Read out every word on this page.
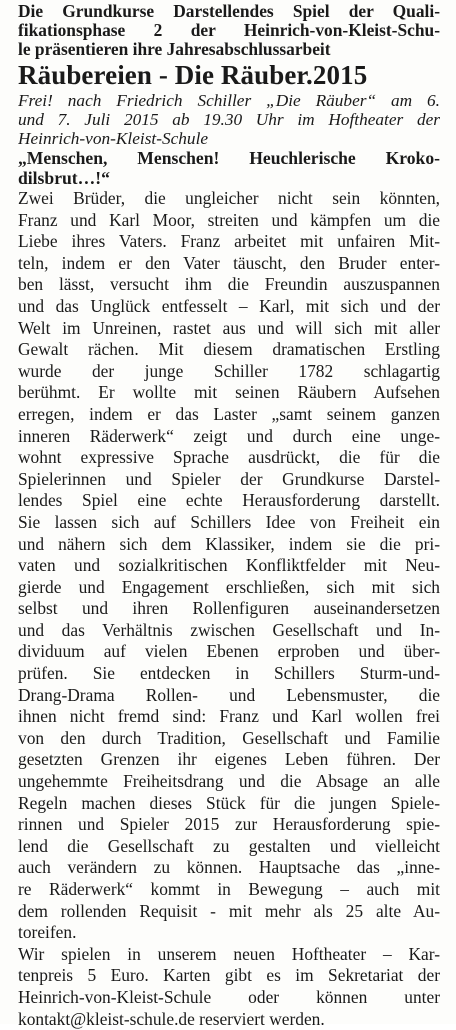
Die Grundkurse Darstellendes Spiel der Quali-
fikationsphase 2 der Heinrich-von-Kleist-Schu-
le präsentieren ihre Jahresabschlussarbeit
Räubereien - Die Räuber.2015
Frei! nach Friedrich Schiller „Die Räuber“ am 6.
und 7. Juli 2015 ab 19.30 Uhr im Hoftheater der
Heinrich-von-Kleist-Schule
„Menschen, Menschen! Heuchlerische Kroko-
dilsbrut…!“
Zwei Brüder, die ungleicher nicht sein könnten,
Franz und Karl Moor, streiten und kämpfen um die
Liebe ihres Vaters. Franz arbeitet mit unfairen Mit-
teln, indem er den Vater täuscht, den Bruder enter-
ben lässt, versucht ihm die Freundin auszuspannen
und das Unglück entfesselt – Karl, mit sich und der
Welt im Unreinen, rastet aus und will sich mit aller
Gewalt rächen. Mit diesem dramatischen Erstling
wurde der junge Schiller 1782 schlagartig
berühmt. Er wollte mit seinen Räubern Aufsehen
erregen, indem er das Laster „samt seinem ganzen
inneren Räderwerk“ zeigt und durch eine unge-
wohnt expressive Sprache ausdrückt, die für die
Spielerinnen und Spieler der Grundkurse Darstel-
lendes Spiel eine echte Herausforderung darstellt.
Sie lassen sich auf Schillers Idee von Freiheit ein
und nähern sich dem Klassiker, indem sie die pri-
vaten und sozialkritischen Konfliktfelder mit Neu-
gierde und Engagement erschließen, sich mit sich
selbst und ihren Rollenfiguren auseinandersetzen
und das Verhältnis zwischen Gesellschaft und In-
dividuum auf vielen Ebenen erproben und über-
prüfen. Sie entdecken in Schillers Sturm-und-
Drang-Drama Rollen- und Lebensmuster, die
ihnen nicht fremd sind: Franz und Karl wollen frei
von den durch Tradition, Gesellschaft und Familie
gesetzten Grenzen ihr eigenes Leben führen. Der
ungehemmte Freiheitsdrang und die Absage an alle
Regeln machen dieses Stück für die jungen Spiele-
rinnen und Spieler 2015 zur Herausforderung spie-
lend die Gesellschaft zu gestalten und vielleicht
auch verändern zu können. Hauptsache das „inne-
re Räderwerk“ kommt in Bewegung – auch mit
dem rollenden Requisit - mit mehr als 25 alte Au-
toreifen.
Wir spielen in unserem neuen Hoftheater – Kar-
tenpreis 5 Euro. Karten gibt es im Sekretariat der
Heinrich-von-Kleist-Schule oder können unter
kontakt@kleist-schule.de reserviert werden.
